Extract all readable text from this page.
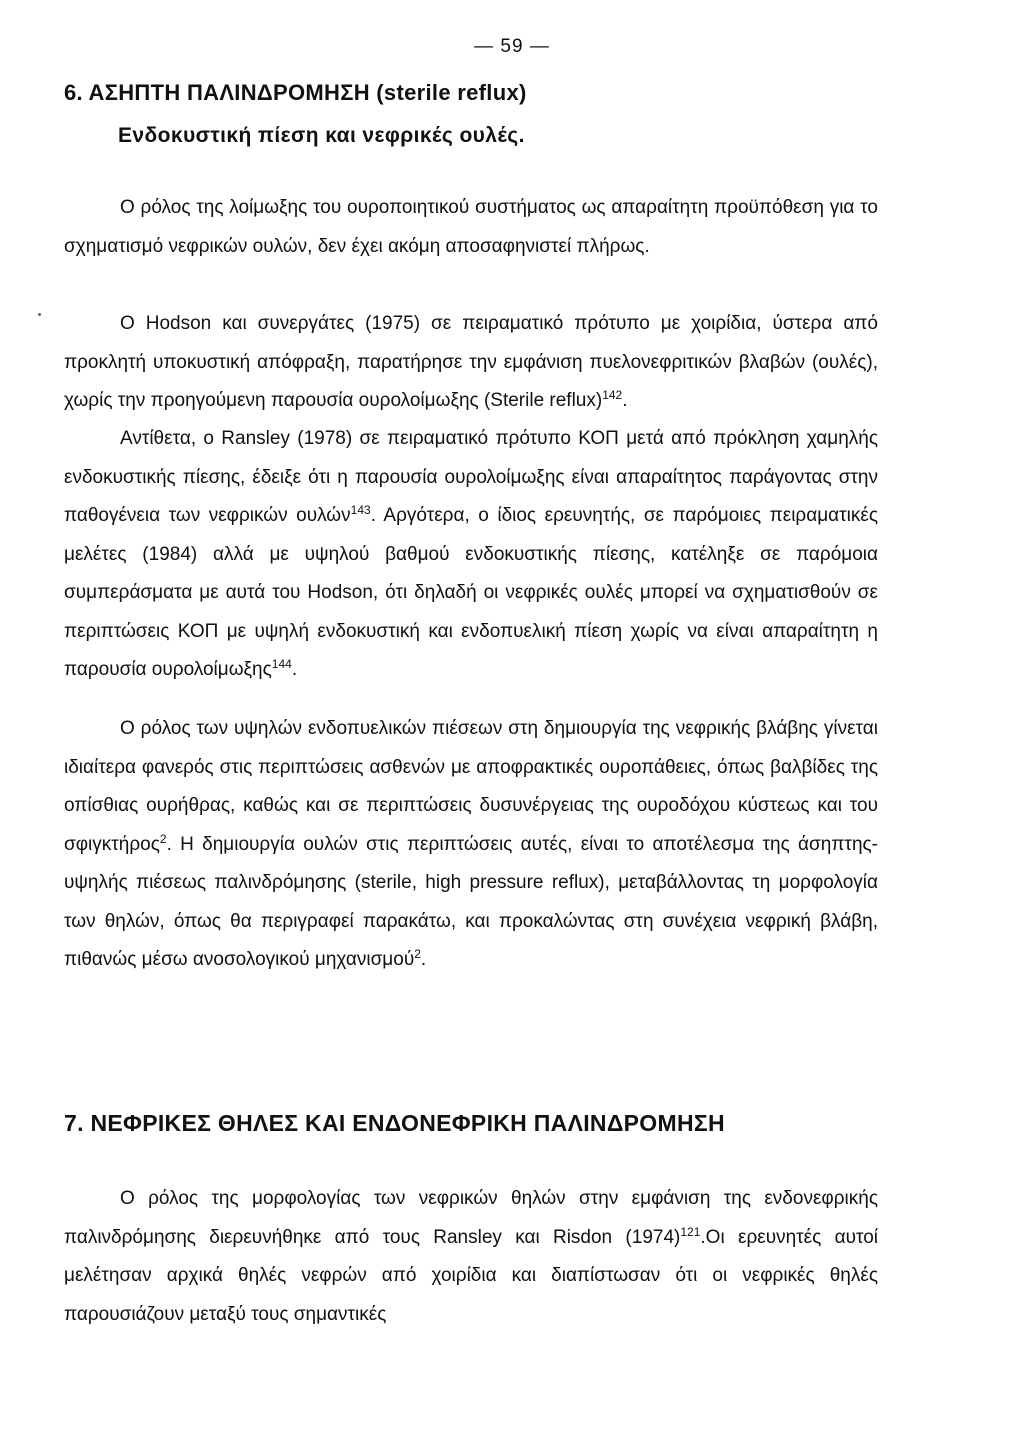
— 59 —
6. ΑΣΗΠΤΗ ΠΑΛΙΝΔΡΟΜΗΣΗ (sterile reflux)
Ενδοκυστική πίεση και νεφρικές ουλές.

Ο ρόλος της λοίμωξης του ουροποιητικού συστήματος ως απαραίτητη προϋπόθεση για το σχηματισμό νεφρικών ουλών, δεν έχει ακόμη αποσαφηνιστεί πλήρως.

Ο Hodson και συνεργάτες (1975) σε πειραματικό πρότυπο με χοιρίδια, ύστερα από προκλητή υποκυστική απόφραξη, παρατήρησε την εμφάνιση πυελονεφριτικών βλαβών (ουλές), χωρίς την προηγούμενη παρουσία ουρολοίμωξης (Sterile reflux)$^{142}$.

Αντίθετα, ο Ransley (1978) σε πειραματικό πρότυπο ΚΟΠ μετά από πρόκληση χαμηλής ενδοκυστικής πίεσης, έδειξε ότι η παρουσία ουρολοίμωξης είναι απαραίτητος παράγοντας στην παθογένεια των νεφρικών ουλών$^{143}$. Αργότερα, ο ίδιος ερευνητής, σε παρόμοιες πειραματικές μελέτες (1984) αλλά με υψηλού βαθμού ενδοκυστικής πίεσης, κατέληξε σε παρόμοια συμπεράσματα με αυτά του Hodson, ότι δηλαδή οι νεφρικές ουλές μπορεί να σχηματισθούν σε περιπτώσεις ΚΟΠ με υψηλή ενδοκυστική και ενδοπυελική πίεση χωρίς να είναι απαραίτητη η παρουσία ουρολοίμωξης$^{144}$.

Ο ρόλος των υψηλών ενδοπυελικών πιέσεων στη δημιουργία της νεφρικής βλάβης γίνεται ιδιαίτερα φανερός στις περιπτώσεις ασθενών με αποφρακτικές ουροπάθειες, όπως βαλβίδες της οπίσθιας ουρήθρας, καθώς και σε περιπτώσεις δυσυνέργειας της ουροδόχου κύστεως και του σφιγκτήρος$^2$. Η δημιουργία ουλών στις περιπτώσεις αυτές, είναι το αποτέλεσμα της άσηπτης-υψηλής πιέσεως παλινδρόμησης (sterile, high pressure reflux), μεταβάλλοντας τη μορφολογία των θηλών, όπως θα περιγραφεί παρακάτω, και προκαλώντας στη συνέχεια νεφρική βλάβη, πιθανώς μέσω ανοσολογικού μηχανισμού$^2$.

7. ΝΕΦΡΙΚΕΣ ΘΗΛΕΣ ΚΑΙ ΕΝΔΟΝΕΦΡΙΚΗ ΠΑΛΙΝΔΡΟΜΗΣΗ

Ο ρόλος της μορφολογίας των νεφρικών θηλών στην εμφάνιση της ενδονεφρικής παλινδρόμησης διερευνήθηκε από τους Ransley και Risdon $(1974)^{121}.O\iota$ ερευνητές αυτοί μελέτησαν αρχικά θηλές νεφρών από χοιρίδια και διαπίστωσαν ότι οι νεφρικές θηλές παρουσιάζουν μεταξύ τους σημαντικές
